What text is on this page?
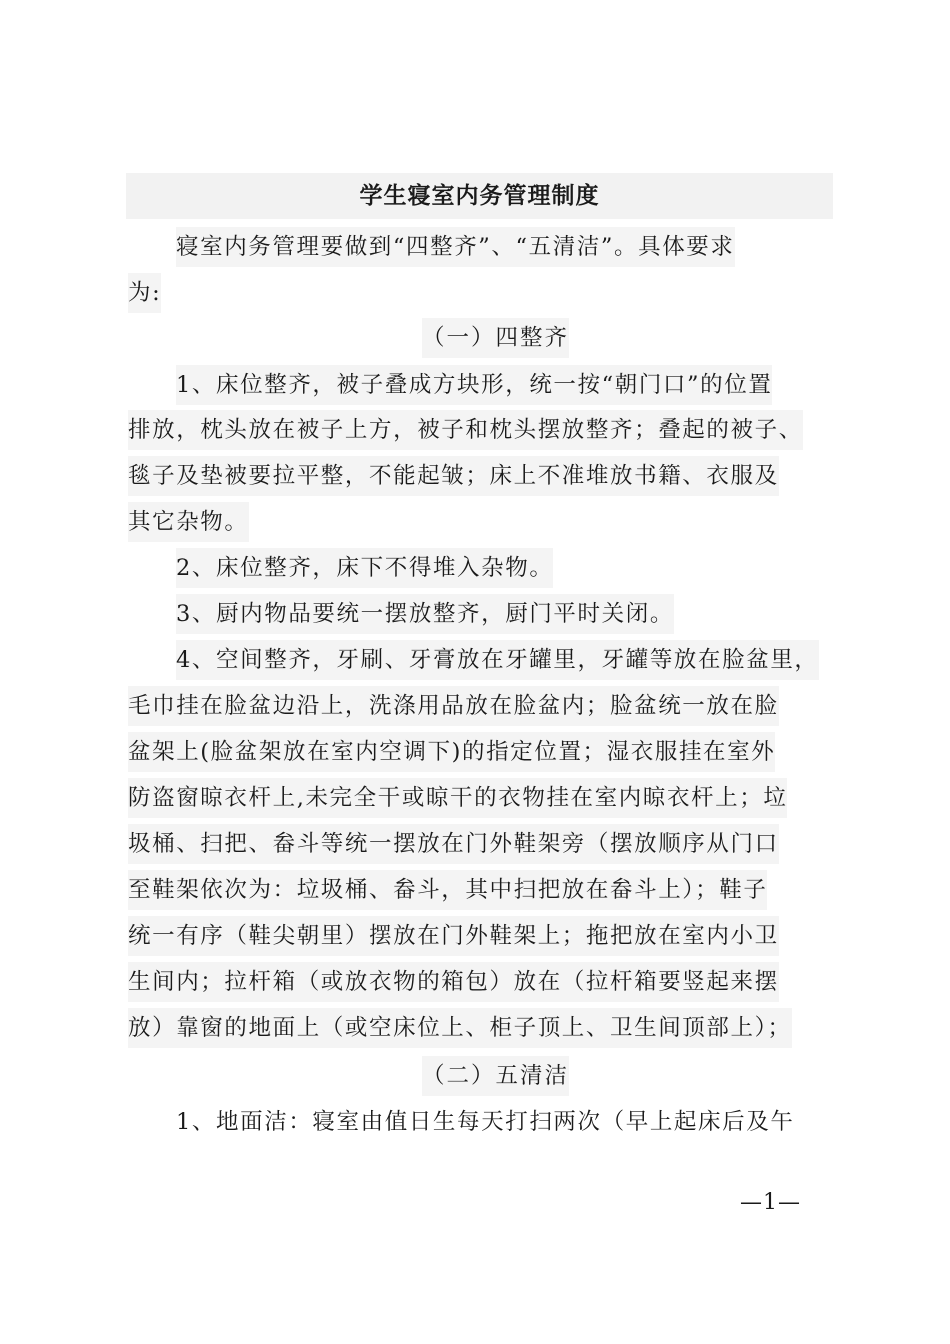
学生寝室内务管理制度
寝室内务管理要做到“四整齐”、“五清洁”。具体要求
为:
（一）四整齐
1、床位整齐，被子叠成方块形，统一按“朝门口”的位置
排放，枕头放在被子上方，被子和枕头摆放整齐；叠起的被子、
毯子及垫被要拉平整，不能起皱；床上不准堆放书籍、衣服及
其它杂物。
2、床位整齐，床下不得堆入杂物。
3、厨内物品要统一摆放整齐，厨门平时关闭。
4、空间整齐，牙刷、牙膏放在牙罐里，牙罐等放在脸盆里，
毛巾挂在脸盆边沿上，洗涤用品放在脸盆内；脸盆统一放在脸
盆架上(脸盆架放在室内空调下)的指定位置；湿衣服挂在室外
防盗窗晾衣杆上,未完全干或晾干的衣物挂在室内晾衣杆上；垃
圾桶、扫把、畚斗等统一摆放在门外鞋架旁（摆放顺序从门口
至鞋架依次为：垃圾桶、畚斗，其中扫把放在畚斗上）；鞋子
统一有序（鞋尖朝里）摆放在门外鞋架上；拖把放在室内小卫
生间内；拉杆箱（或放衣物的箱包）放在（拉杆箱要竖起来摆
放）靠窗的地面上（或空床位上、柜子顶上、卫生间顶部上）；
（二）五清洁
1、地面洁：寝室由值日生每天打扫两次（早上起床后及午
—1—
